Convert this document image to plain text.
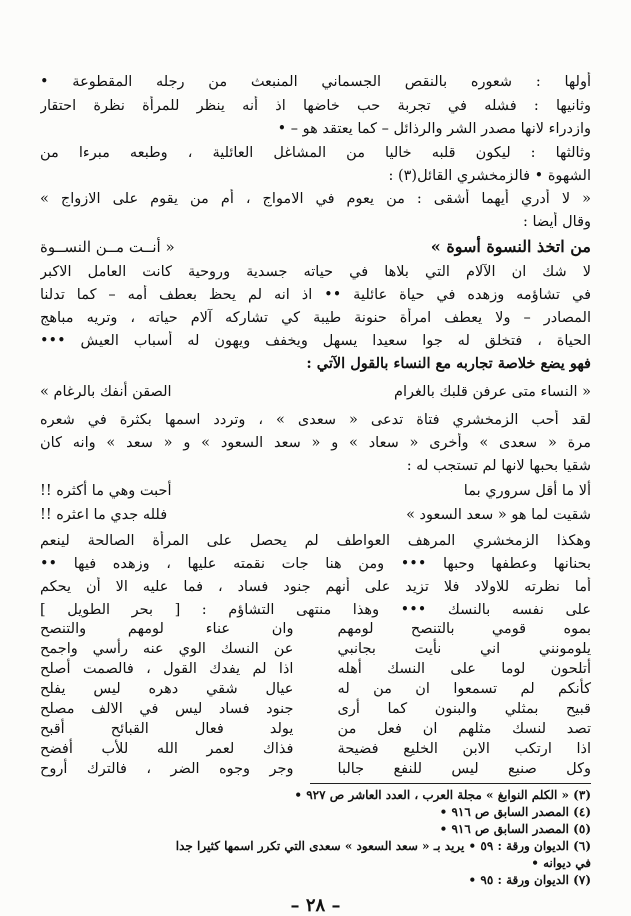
أولها : شعوره بالنقص الجسماني المنبعث من رجله المقطوعة •
وثانيها : فشله في تجربة حب خاضها اذ أنه ينظر للمرأة نظرة احتقار
وازدراء لانها مصدر الشر والرذائل – كما يعتقد هو – •
وثالثها : ليكون قلبه خاليا من المشاغل العائلية ، وطبعه مبرءا من
الشهوة • فالزمخشري القائل(٣) :
« لا أدري أيهما أشقى : من يعوم في الامواج ، أم من يقوم على الازواج »
وقال أيضا :
من اتخذ النسوة أسوة »
« أنــت مــن النســوة
لا شك ان الآلام التي بلاها في حياته جسدية وروحية كانت العامل الاكبر
في تشاؤمه وزهده في حياة عائلية •• اذ انه لم يحظ بعطف أمه – كما تدلنا
المصادر – ولا يعطف امرأة حنونة طيبة كي تشاركه آلام حياته ، وتريه مباهج
الحياة ، فتخلق له جوا سعيدا يسهل ويخفف ويهون له أسباب العيش •••
فهو يضع خلاصة تجاربه مع النساء بالقول الآتي :
« النساء متى عرفن قلبك بالغرام
الصقن أنفك بالرغام »
لقد أحب الزمخشري فتاة تدعى « سعدى » ، وتردد اسمها بكثرة في شعره
مرة « سعدى » وأخرى « سعاد » و « سعد السعود » و « سعد » وانه كان
شقيا بحبها لانها لم تستجب له :
ألا ما أقل سروري بما
أحبت وهي ما أكثره !!
شقيت لما هو « سعد السعود »
فلله جدي ما اعثره !!
وهكذا الزمخشري المرهف العواطف لم يحصل على المرأة الصالحة لينعم
بحنانها وعطفها وحبها ••• ومن هنا جات نقمته عليها ، وزهده فيها ••
أما نظرته للاولاد فلا تزيد على أنهم جنود فساد ، فما عليه الا أن يحكم
على نفسه بالنسك ••• وهذا منتهى التشاؤم : [ بحر الطويل ]
بموه قومي بالتنصح لومهم
وان عناء لومهم والتنصح
يلومونني اني نأيت بجانبي
عن النسك الوي عنه رأسي واجمح
أتلحون لوما على النسك أهله
اذا لم يفدك القول ، فالصمت أصلح
كأنكم لم تسمعوا ان من له
عيال شقي دهره ليس يفلح
قبيح بمثلي والبنون كما أرى
جنود فساد ليس في الالف مصلح
تصد لنسك مثلهم ان فعل من
يولد فعال القبائح أقبح
اذا ارتكب الابن الخليع فضيحة
فذاك لعمر الله للأب أفضح
وكل صنيع ليس للنفع جالبا
وجر وجوه الضر ، فالترك أروح
– ٢٨ –
(٣) « الكلم النوابغ » مجلة العرب ، العدد العاشر ص ٩٢٧ •
(٤) المصدر السابق ص ٩١٦ •
(٥) المصدر السابق ص ٩١٦ •
(٦) الديوان ورقة : ٥٩ • يريد بـ « سعد السعود » سعدى التي تكرر اسمها كثيرا جدا
في ديوانه •
(٧) الديوان ورقة : ٩٥ •
